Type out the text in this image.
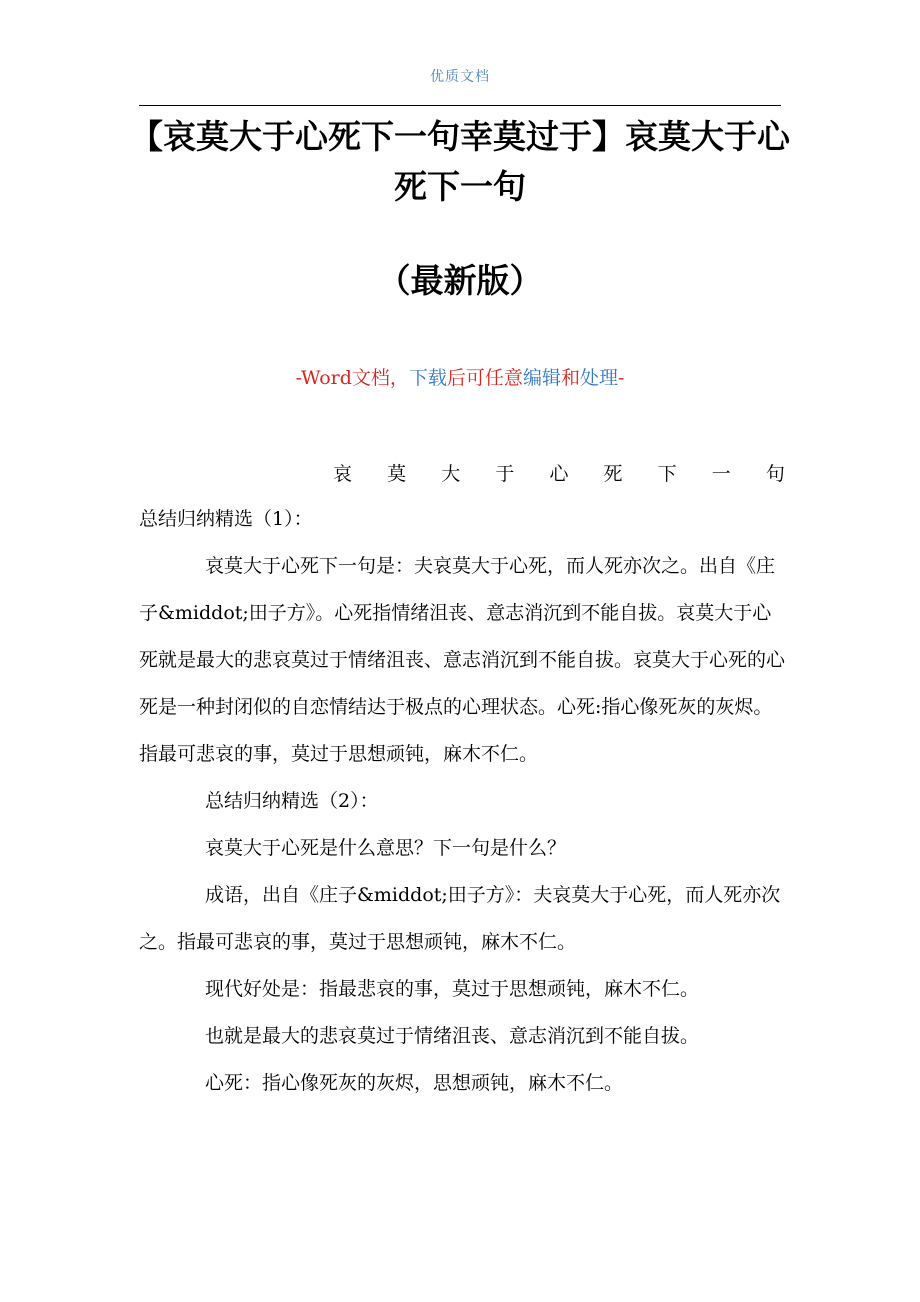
优质文档
【哀莫大于心死下一句幸莫过于】哀莫大于心死下一句
（最新版）
-Word文档，下载后可任意编辑和处理-

哀 莫 大 于 心 死 下 一 句

总结归纳精选（1）：

哀莫大于心死下一句是：夫哀莫大于心死，而人死亦次之。出自《庄子&middot;田子方》。心死指情绪沮丧、意志消沉到不能自拔。哀莫大于心死就是最大的悲哀莫过于情绪沮丧、意志消沉到不能自拔。哀莫大于心死的心死是一种封闭似的自恋情结达于极点的心理状态。心死:指心像死灰的灰烬。指最可悲哀的事，莫过于思想顽钝，麻木不仁。

总结归纳精选（2）：

哀莫大于心死是什么意思？下一句是什么？

成语，出自《庄子&middot;田子方》：夫哀莫大于心死，而人死亦次之。指最可悲哀的事，莫过于思想顽钝，麻木不仁。

现代好处是：指最悲哀的事，莫过于思想顽钝，麻木不仁。

也就是最大的悲哀莫过于情绪沮丧、意志消沉到不能自拔。

心死：指心像死灰的灰烬，思想顽钝，麻木不仁。
